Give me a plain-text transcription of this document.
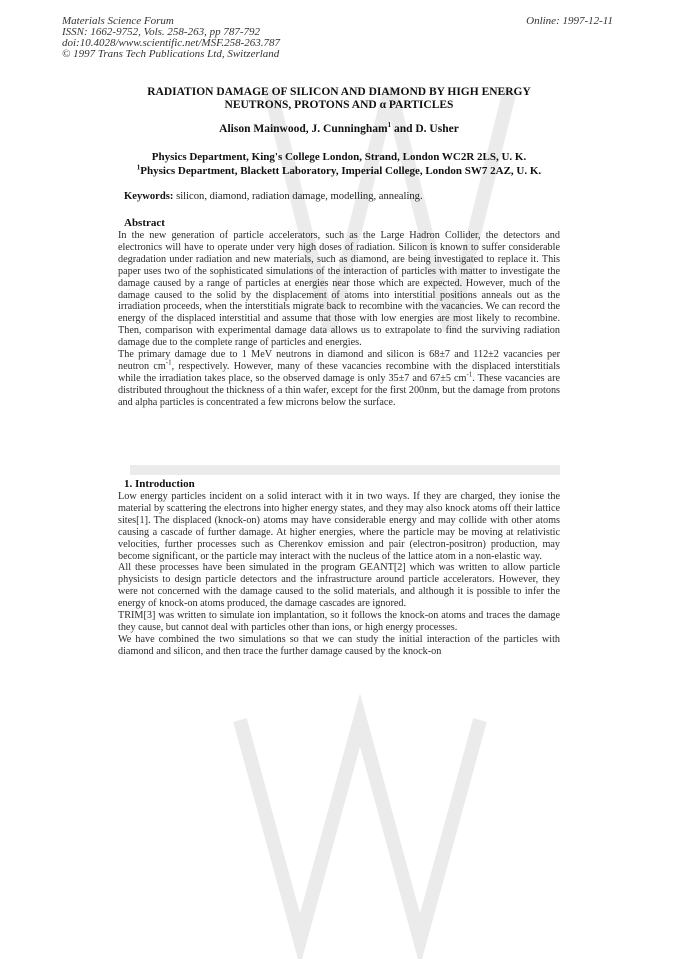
Materials Science Forum
ISSN: 1662-9752, Vols. 258-263, pp 787-792
doi:10.4028/www.scientific.net/MSF.258-263.787
© 1997 Trans Tech Publications Ltd, Switzerland
Online: 1997-12-11
RADIATION DAMAGE OF SILICON AND DIAMOND BY HIGH ENERGY
NEUTRONS, PROTONS AND α PARTICLES
Alison Mainwood, J. Cunningham$^1$ and D. Usher
Physics Department, King's College London, Strand, London WC2R 2LS, U. K.
$^1$Physics Department, Blackett Laboratory, Imperial College, London SW7 2AZ, U. K.
Keywords: silicon, diamond, radiation damage, modelling, annealing.
Abstract

In the new generation of particle accelerators, such as the Large Hadron Collider, the detectors and electronics will have to operate under very high doses of radiation. Silicon is known to suffer considerable degradation under radiation and new materials, such as diamond, are being investigated to replace it. This paper uses two of the sophisticated simulations of the interaction of particles with matter to investigate the damage caused by a range of particles at energies near those which are expected. However, much of the damage caused to the solid by the displacement of atoms into interstitial positions anneals out as the irradiation proceeds, when the interstitials migrate back to recombine with the vacancies. We can record the energy of the displaced interstitial and assume that those with low energies are most likely to recombine. Then, comparison with experimental damage data allows us to extrapolate to find the surviving radiation damage due to the complete range of particles and energies.

The primary damage due to 1 MeV neutrons in diamond and silicon is 68±7 and 112±2 vacancies per neutron $cm^{-1}$, respectively. However, many of these vacancies recombine with the displaced interstitials while the irradiation takes place, so the observed damage is only 35±7 and 67±5 $cm^{-1}$. These vacancies are distributed throughout the thickness of a thin wafer, except for the first 200nm, but the damage from protons and alpha particles is concentrated a few microns below the surface.

1. Introduction

Low energy particles incident on a solid interact with it in two ways. If they are charged, they ionise the material by scattering the electrons into higher energy states, and they may also knock atoms off their lattice sites[1]. The displaced (knock-on) atoms may have considerable energy and may collide with other atoms causing a cascade of further damage. At higher energies, where the particle may be moving at relativistic velocities, further processes such as Cherenkov emission and pair (electron-positron) production, may become significant, or the particle may interact with the nucleus of the lattice atom in a non-elastic way.

All these processes have been simulated in the program GEANT[2] which was written to allow particle physicists to design particle detectors and the infrastructure around particle accelerators. However, they were not concerned with the damage caused to the solid materials, and although it is possible to infer the energy of knock-on atoms produced, the damage cascades are ignored.

TRIM[3] was written to simulate ion implantation, so it follows the knock-on atoms and traces the damage they cause, but cannot deal with particles other than ions, or high energy processes.

We have combined the two simulations so that we can study the initial interaction of the particles with diamond and silicon, and then trace the further damage caused by the knock-on
